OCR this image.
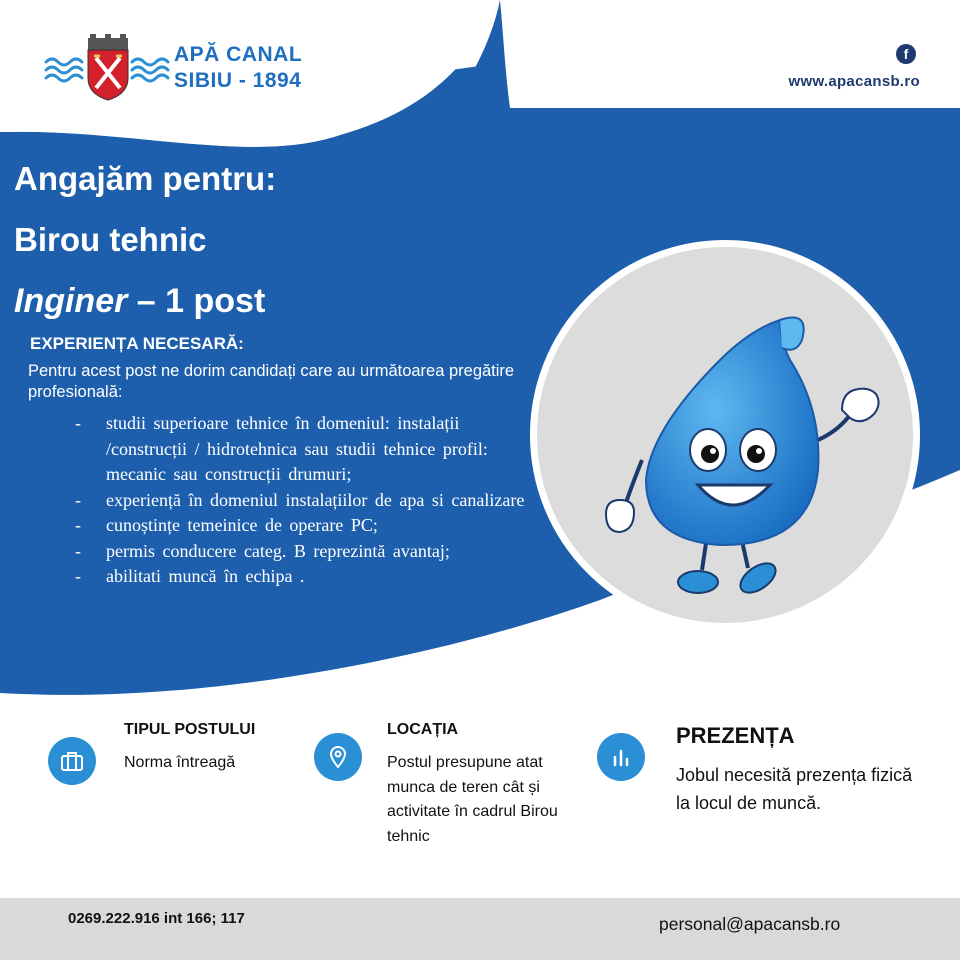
APĂ CANAL
SIBIU - 1894
f
www.apacansb.ro
Angajăm pentru:
Birou tehnic
Inginer – 1 post
EXPERIENȚA NECESARĂ:
Pentru acest post ne dorim candidați care au următoarea pregătire profesională:
- studii superioare tehnice în domeniul: instalații /construcții / hidrotehnica sau studii tehnice profil: mecanic sau construcții drumuri;
- experiență în domeniul instalațiilor de apa si canalizare
- cunoștințe temeinice de operare PC;
- permis conducere categ. B reprezintă avantaj;
- abilitati muncă în echipa .
TIPUL POSTULUI
Norma întreagă
LOCAȚIA
Postul presupune atat munca de teren cât și activitate în cadrul Birou tehnic
PREZENȚA
Jobul necesită prezența fizică la locul de muncă.
0269.222.916 int 166; 117	personal@apacansb.ro
